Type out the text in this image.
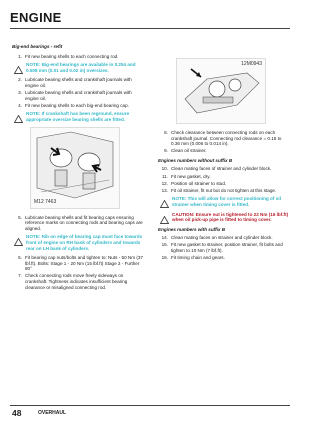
ENGINE
Big-end bearings - refit
1. Fit new bearing shells to each connecting rod.
NOTE: Big-end bearings are available in 0.254 and 0.508 mm (0.01 and 0.02 in) oversizes.
2. Lubricate bearing shells and crankshaft journals with engine oil.
3. Lubricate bearing shells and crankshaft journals with engine oil.
4. Fit new bearing shells to each big-end bearing cap.
NOTE: If crankshaft has been reground, ensure appropriate oversize bearing shells are fitted.
M12 7463
5. Lubricate bearing shells and fit bearing caps ensuring reference marks on connecting rods and bearing caps are aligned.
NOTE: Rib on edge of bearing cap must face towards front of engine on RH bank of cylinders and towards rear on LH bank of cylinders.
6. Fit bearing cap nuts/bolts and tighten to: Nuts - 50 Nm (37 lbf.ft). Bolts: Stage 1 - 20 Nm (15 lbf.ft) Stage 2 - Further 80°
7. Check connecting rods move freely sideways on crankshaft. Tightness indicates insufficient bearing clearance or misaligned connecting rod.
12M0943
8. Check clearance between connecting rods on each crankshaft journal. Connecting rod clearance = 0.15 to 0.36 mm (0.006 to 0.014 in).
9. Clean oil strainer.
Engines numbers without suffix B
10. Clean mating faces of strainer and cylinder block.
11. Fit new gasket, dry.
12. Position oil strainer to stud.
13. Fit oil strainer, fit nut but do not tighten at this stage.
NOTE: This will allow for correct positioning of oil strainer when timing cover is fitted.
CAUTION: Ensure nut is tightened to 22 Nm (16 lbf.ft) when oil pick-up pipe is fitted to timing cover.
Engines numbers with suffix B
14. Clean mating faces on strainer and cylinder block.
15. Fit new gasket to strainer, position strainer, fit bolts and tighten to 10 Nm (7 lbf.ft).
16. Fit timing chain and gears.
48	OVERHAUL
